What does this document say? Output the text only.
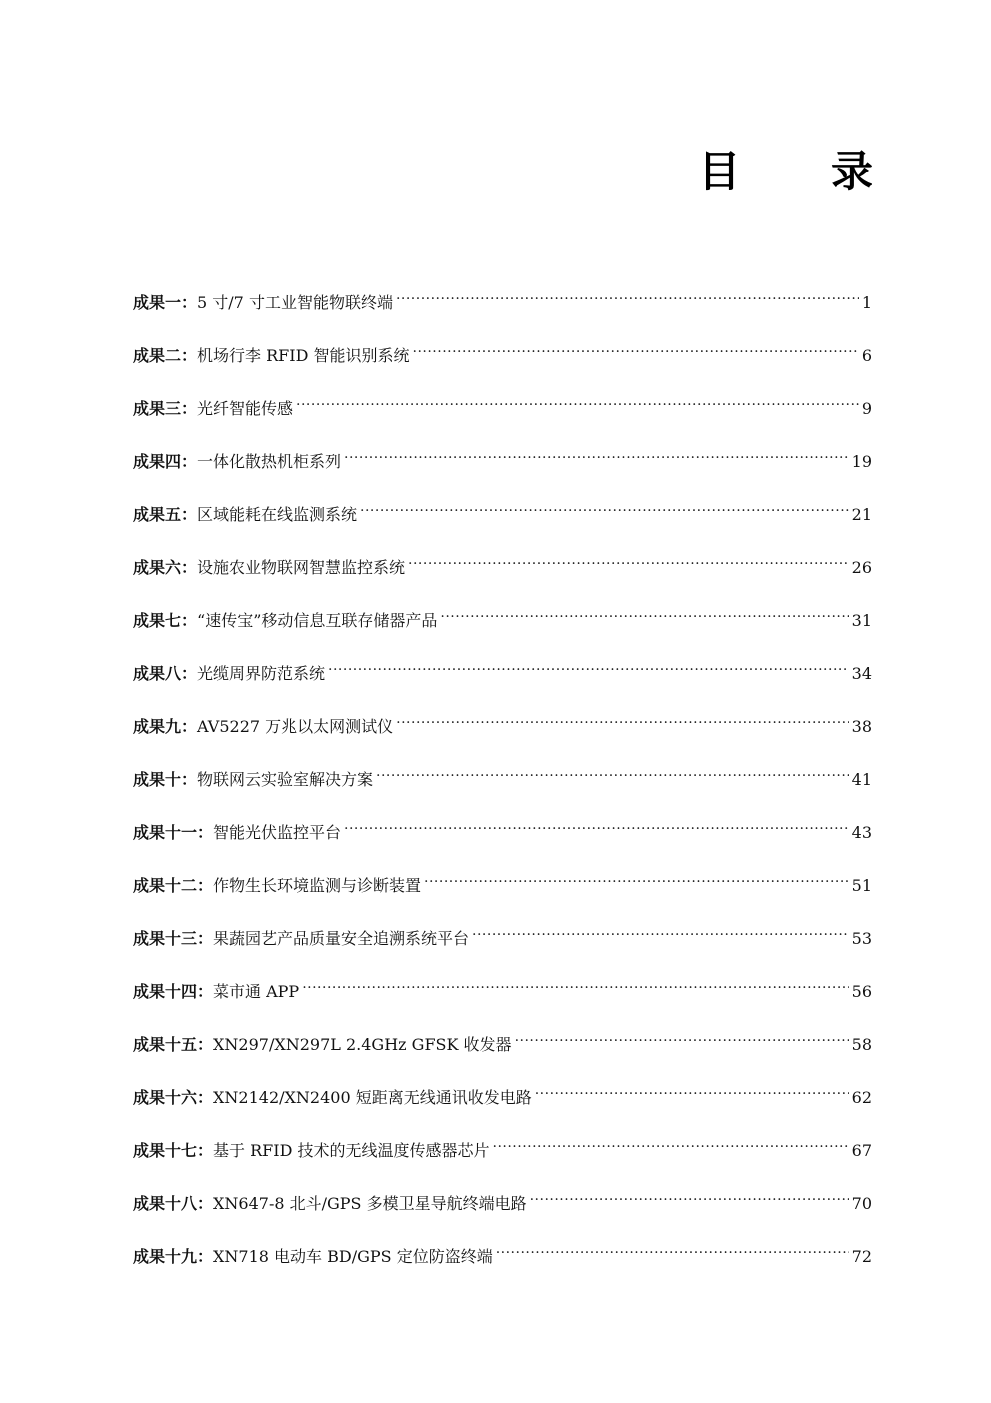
目 录
成果一： 5 寸/7 寸工业智能物联终端 .....	1
成果二： 机场行李 RFID 智能识别系统 .....	6
成果三： 光纤智能传感 .....	9
成果四： 一体化散热机柜系列 .....	19
成果五： 区域能耗在线监测系统 .....	21
成果六： 设施农业物联网智慧监控系统 .....	26
成果七： “速传宝”移动信息互联存储器产品 .....	31
成果八： 光缆周界防范系统 .....	34
成果九： AV5227 万兆以太网测试仪 .....	38
成果十： 物联网云实验室解决方案 .....	41
成果十一： 智能光伏监控平台 .....	43
成果十二： 作物生长环境监测与诊断装置 .....	51
成果十三： 果蔬园艺产品质量安全追溯系统平台 .....	53
成果十四： 菜市通 APP .....	56
成果十五： XN297/XN297L 2.4GHz GFSK 收发器 .....	58
成果十六： XN2142/XN2400 短距离无线通讯收发电路 .....	62
成果十七： 基于 RFID 技术的无线温度传感器芯片 .....	67
成果十八： XN647-8 北斗/GPS 多模卫星导航终端电路 .....	70
成果十九： XN718 电动车 BD/GPS 定位防盗终端 .....	72
